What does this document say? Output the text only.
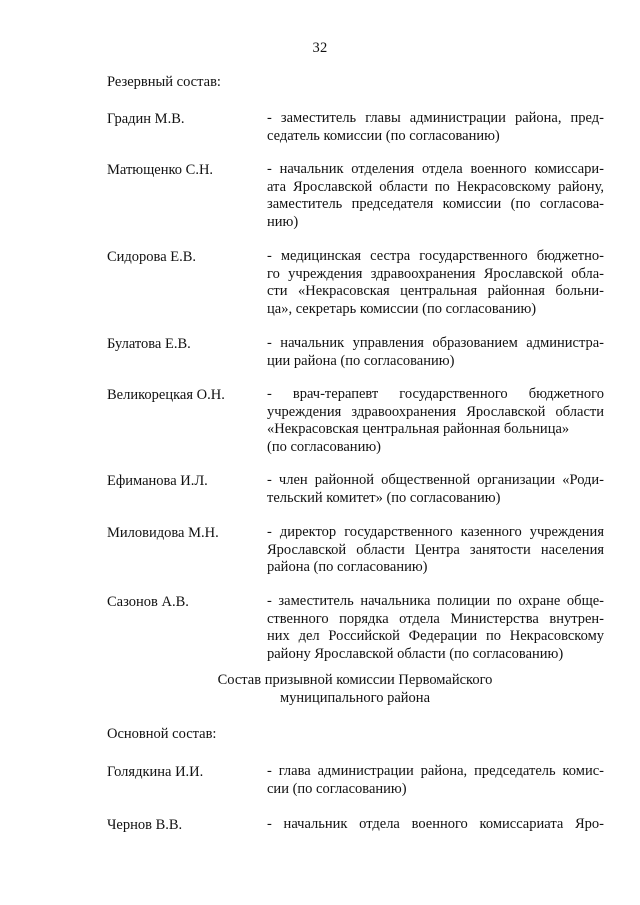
32
Резервный состав:
Градин М.В.	- заместитель главы администрации района, пред-
седатель комиссии (по согласованию)
Матющенко С.Н.	- начальник отделения отдела военного комиссари-
ата Ярославской области по Некрасовскому району,
заместитель председателя комиссии (по согласова-
нию)
Сидорова Е.В.	- медицинская сестра государственного бюджетно-
го учреждения здравоохранения Ярославской обла-
сти «Некрасовская центральная районная больни-
ца», секретарь комиссии (по согласованию)
Булатова Е.В.	- начальник управления образованием администра-
ции района (по согласованию)
Великорецкая О.Н.	- врач-терапевт государственного бюджетного
учреждения здравоохранения Ярославской области
«Некрасовская центральная районная больница»
(по согласованию)
Ефиманова И.Л.	- член районной общественной организации «Роди-
тельский комитет» (по согласованию)
Миловидова М.Н.	- директор государственного казенного учреждения
Ярославской области Центра занятости населения
района (по согласованию)
Сазонов А.В.	- заместитель начальника полиции по охране обще-
ственного порядка отдела Министерства внутрен-
них дел Российской Федерации по Некрасовскому
району Ярославской области (по согласованию)
Состав призывной комиссии Первомайского
муниципального района
Основной состав:
Голядкина И.И.	- глава администрации района, председатель комис-
сии (по согласованию)
Чернов В.В.	- начальник отдела военного комиссариата Яро-
